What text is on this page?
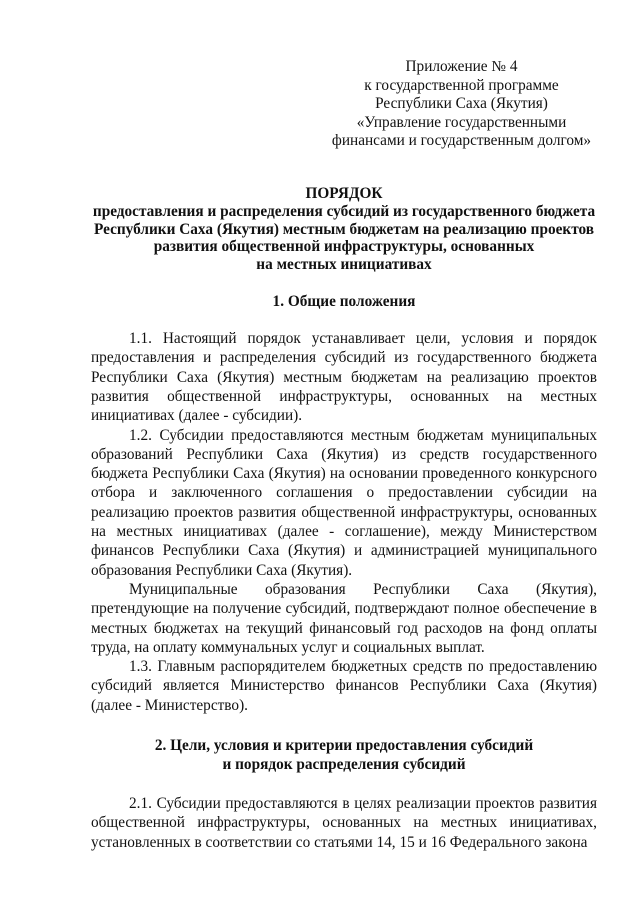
Приложение № 4
к государственной программе
Республики Саха (Якутия)
«Управление государственными
финансами и государственным долгом»
ПОРЯДОК
предоставления и распределения субсидий из государственного бюджета
Республики Саха (Якутия) местным бюджетам на реализацию проектов
развития общественной инфраструктуры, основанных
на местных инициативах
1. Общие положения

1.1. Настоящий порядок устанавливает цели, условия и порядок предоставления и распределения субсидий из государственного бюджета Республики Саха (Якутия) местным бюджетам на реализацию проектов развития общественной инфраструктуры, основанных на местных инициативах (далее - субсидии).

1.2. Субсидии предоставляются местным бюджетам муниципальных образований Республики Саха (Якутия) из средств государственного бюджета Республики Саха (Якутия) на основании проведенного конкурсного отбора и заключенного соглашения о предоставлении субсидии на реализацию проектов развития общественной инфраструктуры, основанных на местных инициативах (далее - соглашение), между Министерством финансов Республики Саха (Якутия) и администрацией муниципального образования Республики Саха (Якутия).

Муниципальные образования Республики Саха (Якутия), претендующие на получение субсидий, подтверждают полное обеспечение в местных бюджетах на текущий финансовый год расходов на фонд оплаты труда, на оплату коммунальных услуг и социальных выплат.

1.3. Главным распорядителем бюджетных средств по предоставлению субсидий является Министерство финансов Республики Саха (Якутия) (далее - Министерство).

2. Цели, условия и критерии предоставления субсидий
и порядок распределения субсидий

2.1. Субсидии предоставляются в целях реализации проектов развития общественной инфраструктуры, основанных на местных инициативах, установленных в соответствии со статьями 14, 15 и 16 Федерального закона
